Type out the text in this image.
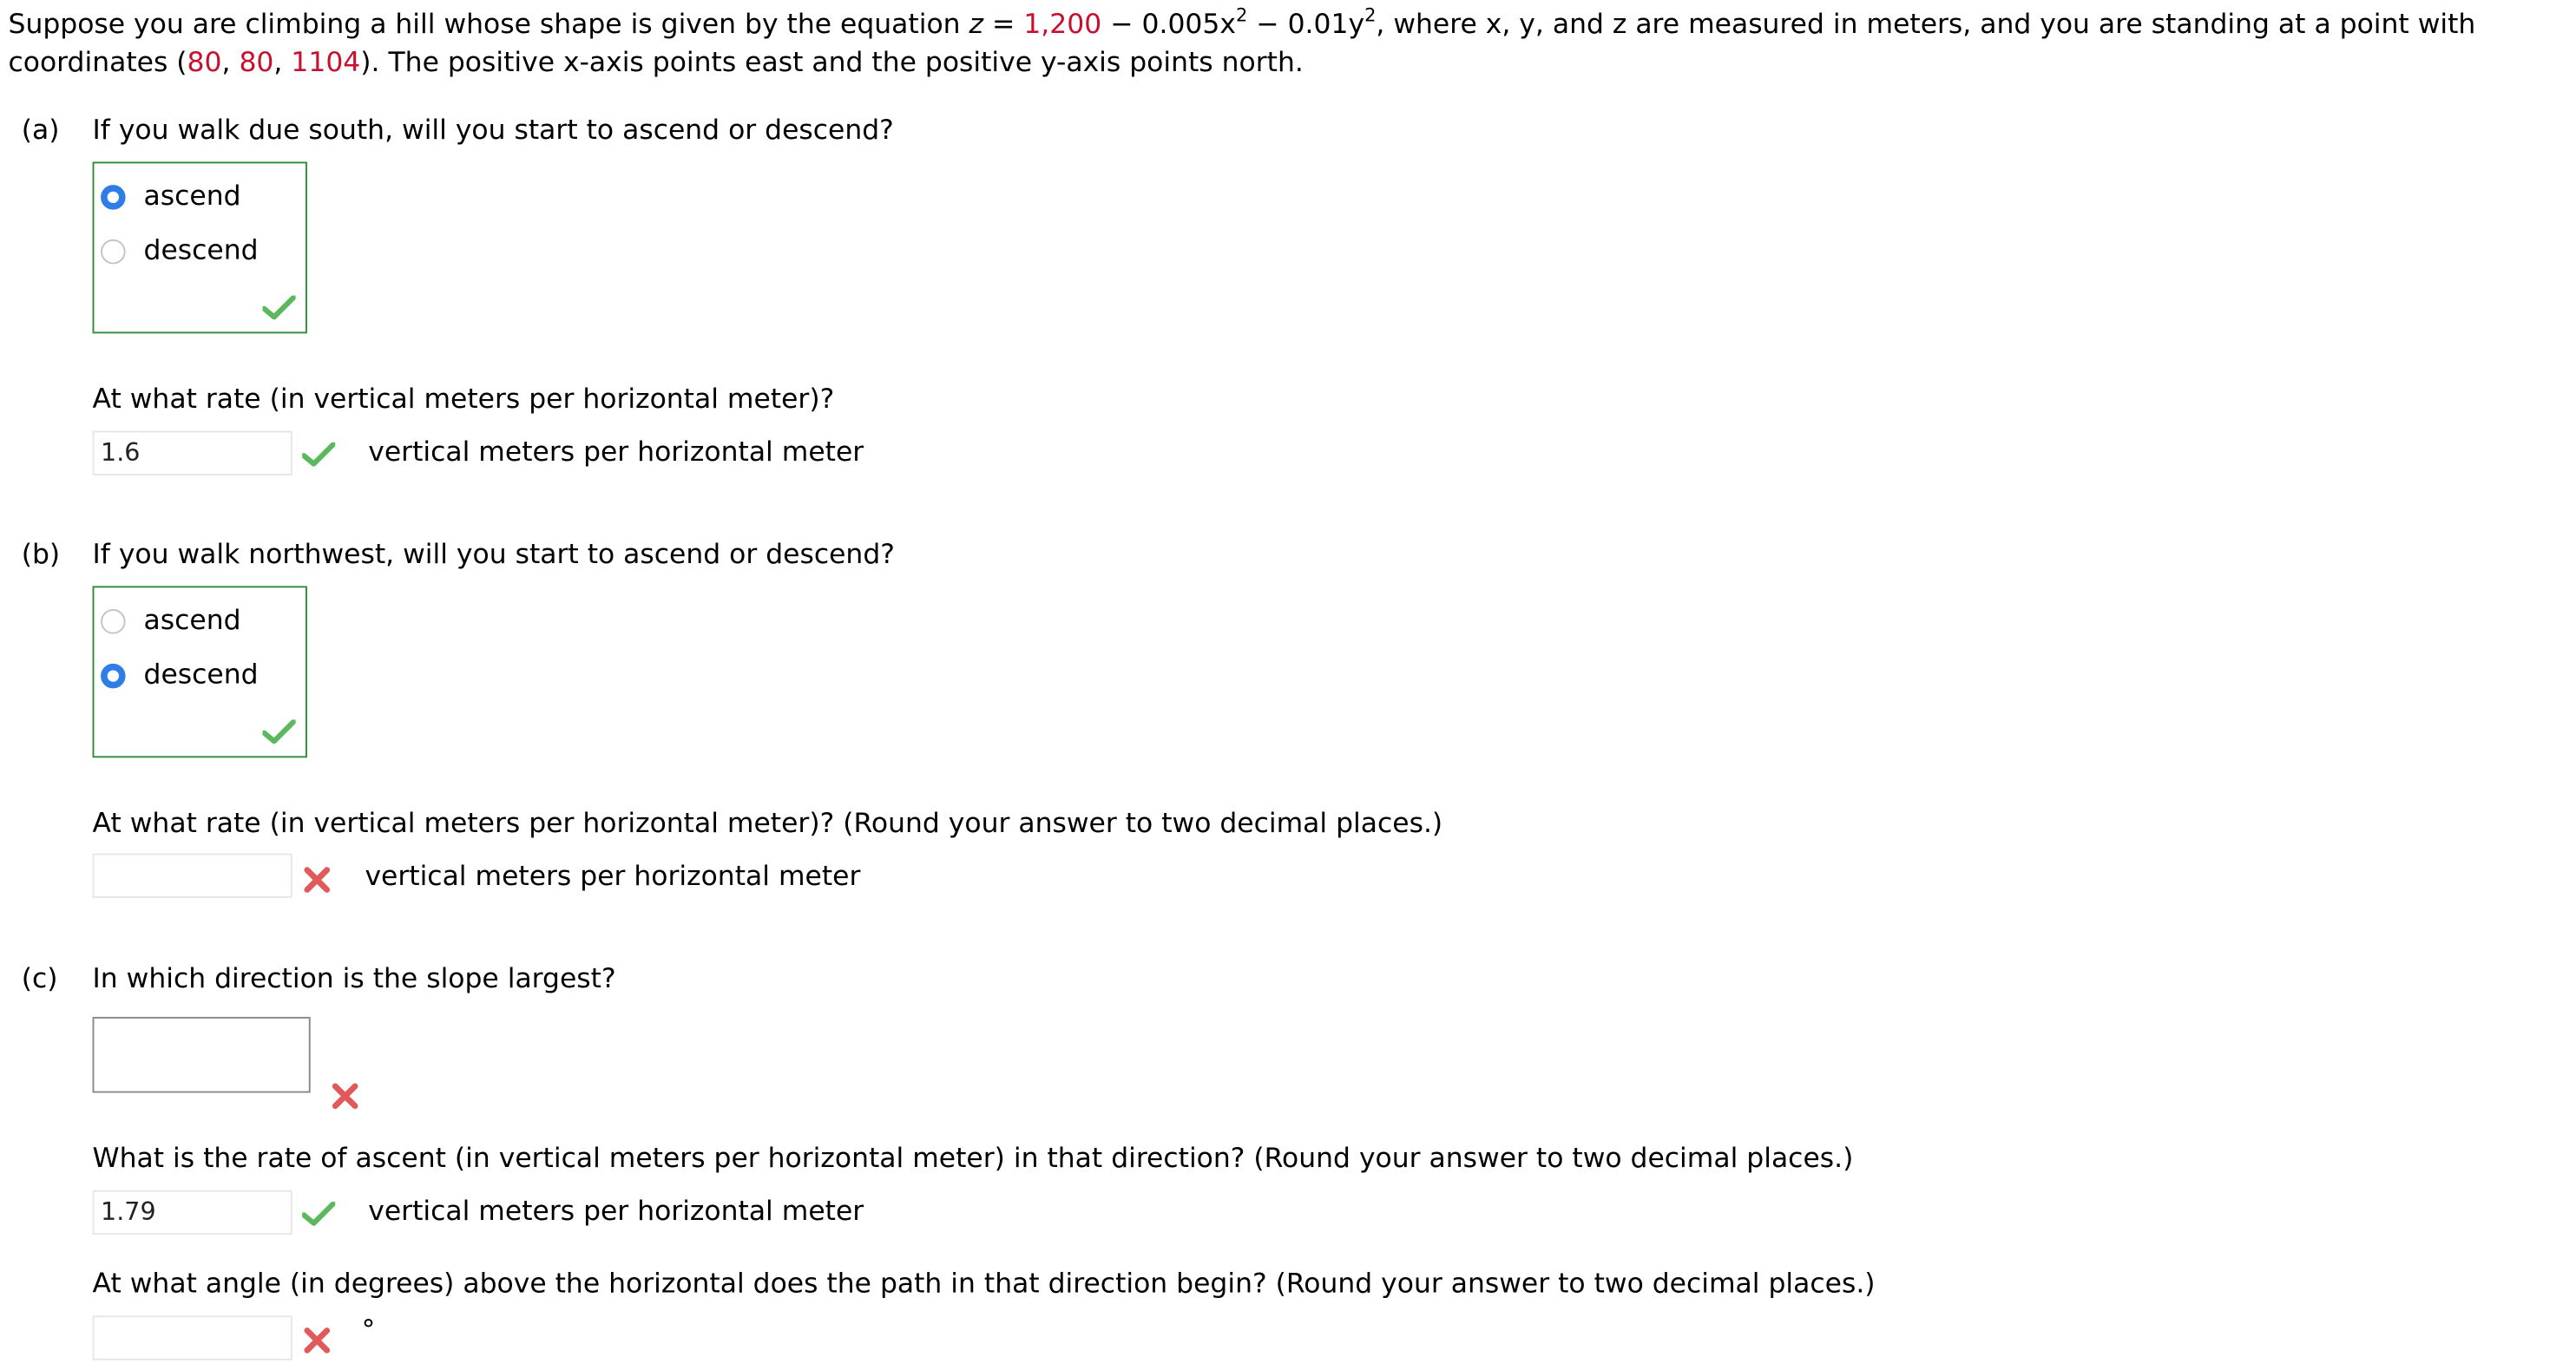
Suppose you are climbing a hill whose shape is given by the equation $z = 1,200 - 0.005x^2 - 0.01y^2$, where x, y, and z are measured in meters, and you are standing at a point with
coordinates (80, 80, 1104). The positive x-axis points east and the positive y-axis points north.
(a) If you walk due south, will you start to ascend or descend?
ascend
descend
At what rate (in vertical meters per horizontal meter)?
1.6	vertical meters per horizontal meter
(b) If you walk northwest, will you start to ascend or descend?
ascend
descend
At what rate (in vertical meters per horizontal meter)? (Round your answer to two decimal places.)
vertical meters per horizontal meter
(c) In which direction is the slope largest?
What is the rate of ascent (in vertical meters per horizontal meter) in that direction? (Round your answer to two decimal places.)
1.79	vertical meters per horizontal meter
At what angle (in degrees) above the horizontal does the path in that direction begin? (Round your answer to two decimal places.)
°
